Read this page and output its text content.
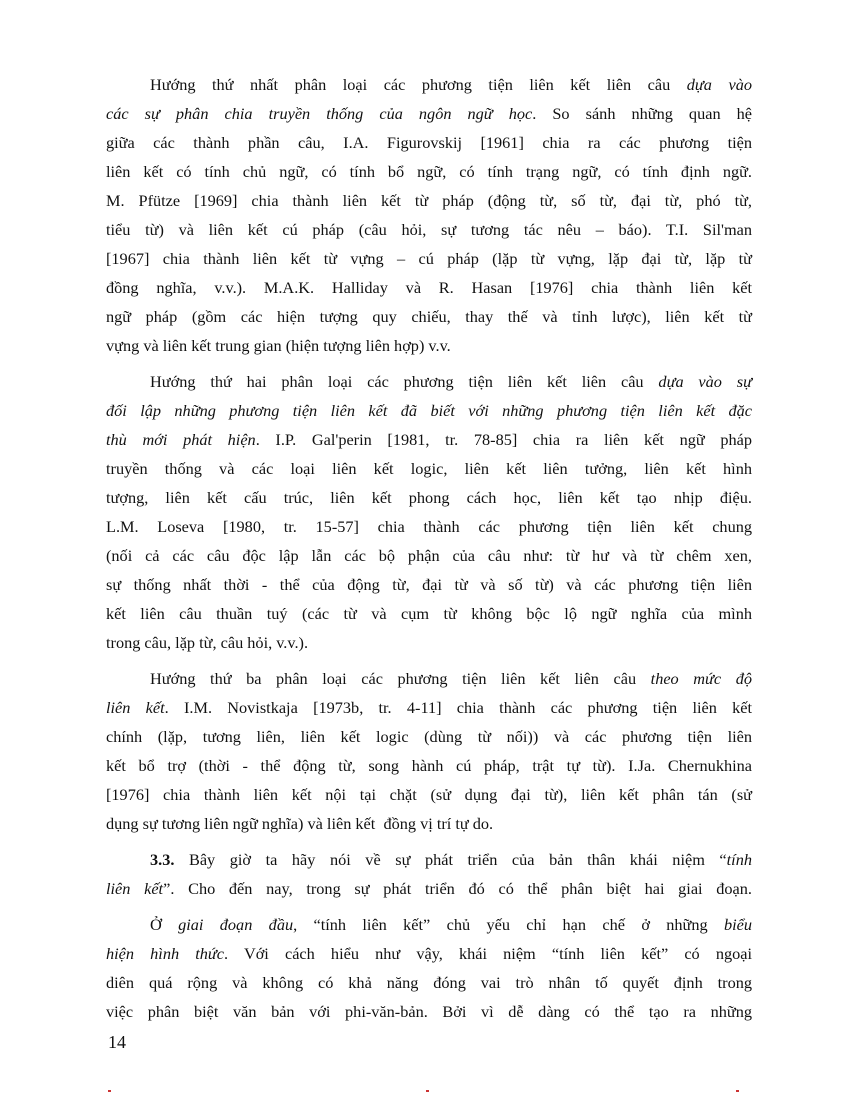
Hướng thứ nhất phân loại các phương tiện liên kết liên câu dựa vào
các sự phân chia truyền thống của ngôn ngữ học. So sánh những quan hệ
giữa các thành phần câu, I.A. Figurovskij [1961] chia ra các phương tiện
liên kết có tính chủ ngữ, có tính bổ ngữ, có tính trạng ngữ, có tính định ngữ.
M. Pfütze [1969] chia thành liên kết từ pháp (động từ, số từ, đại từ, phó từ,
tiểu từ) và liên kết cú pháp (câu hỏi, sự tương tác nêu – báo). T.I. Sil'man
[1967] chia thành liên kết từ vựng – cú pháp (lặp từ vựng, lặp đại từ, lặp từ
đồng nghĩa, v.v.). M.A.K. Halliday và R. Hasan [1976] chia thành liên kết
ngữ pháp (gồm các hiện tượng quy chiếu, thay thế và tỉnh lược), liên kết từ
vựng và liên kết trung gian (hiện tượng liên hợp) v.v.
Hướng thứ hai phân loại các phương tiện liên kết liên câu dựa vào sự
đối lập những phương tiện liên kết đã biết với những phương tiện liên kết đặc
thù mới phát hiện. I.P. Gal'perin [1981, tr. 78-85] chia ra liên kết ngữ pháp
truyền thống và các loại liên kết logic, liên kết liên tưởng, liên kết hình
tượng, liên kết cấu trúc, liên kết phong cách học, liên kết tạo nhịp điệu.
L.M. Loseva [1980, tr. 15-57] chia thành các phương tiện liên kết chung
(nối cả các câu độc lập lẫn các bộ phận của câu như: từ hư và từ chêm xen,
sự thống nhất thời - thể của động từ, đại từ và số từ) và các phương tiện liên
kết liên câu thuần tuý (các từ và cụm từ không bộc lộ ngữ nghĩa của mình
trong câu, lặp từ, câu hỏi, v.v.).
Hướng thứ ba phân loại các phương tiện liên kết liên câu theo mức độ
liên kết. I.M. Novistkaja [1973b, tr. 4-11] chia thành các phương tiện liên kết
chính (lặp, tương liên, liên kết logic (dùng từ nối)) và các phương tiện liên
kết bổ trợ (thời - thể động từ, song hành cú pháp, trật tự từ). I.Ja. Chernukhina
[1976] chia thành liên kết nội tại chặt (sử dụng đại từ), liên kết phân tán (sử
dụng sự tương liên ngữ nghĩa) và liên kết  đồng vị trí tự do.
3.3. Bây giờ ta hãy nói về sự phát triển của bản thân khái niệm “tính
liên kết”. Cho đến nay, trong sự phát triển đó có thể phân biệt hai giai đoạn.
Ở giai đoạn đầu, “tính liên kết” chủ yếu chỉ hạn chế ở những biểu
hiện hình thức. Với cách hiểu như vậy, khái niệm “tính liên kết” có ngoại
diên quá rộng và không có khả năng đóng vai trò nhân tố quyết định trong
việc phân biệt văn bản với phi-văn-bản. Bởi vì dễ dàng có thể tạo ra những
14
